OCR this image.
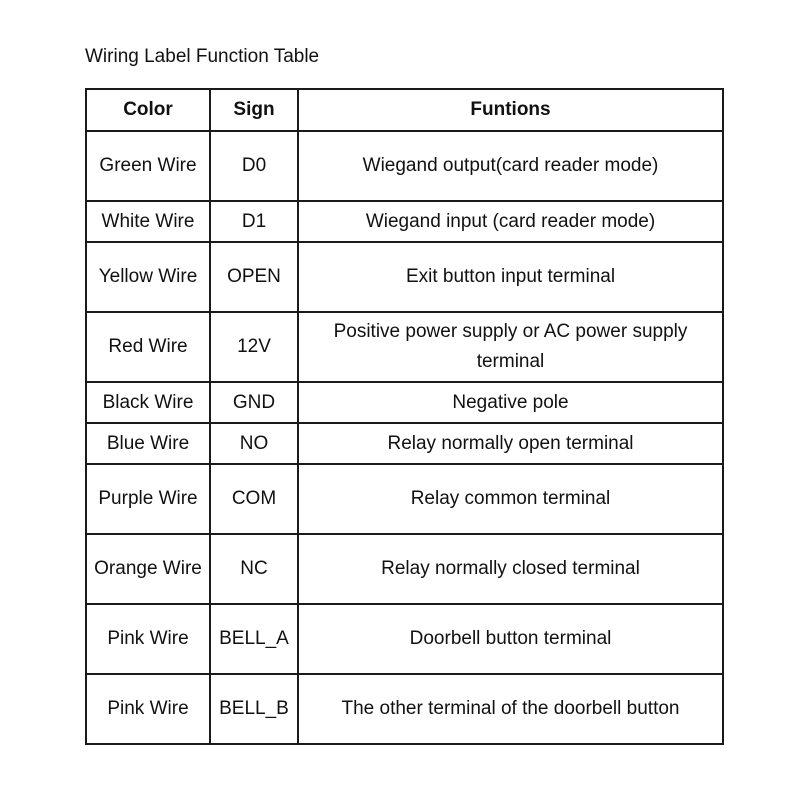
Wiring Label Function Table
Color	Sign	Funtions
Green Wire	D0	Wiegand output(card reader mode)
White Wire	D1	Wiegand input (card reader mode)
Yellow Wire	OPEN	Exit button input terminal
Red Wire	12V	Positive power supply or AC power supply terminal
Black Wire	GND	Negative pole
Blue Wire	NO	Relay normally open terminal
Purple Wire	COM	Relay common terminal
Orange Wire	NC	Relay normally closed terminal
Pink Wire	BELL_A	Doorbell button terminal
Pink Wire	BELL_B	The other terminal of the doorbell button
